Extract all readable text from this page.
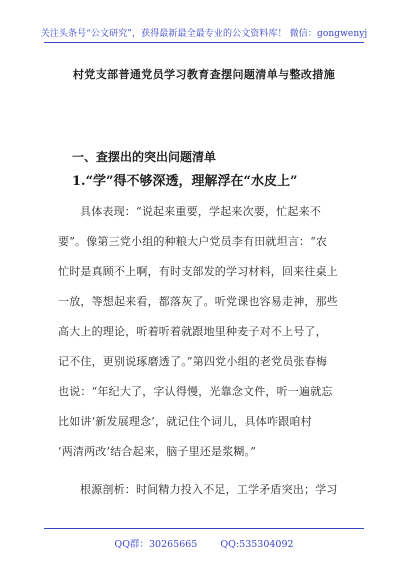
关注头条号“公文研究”，获得最新最全最专业的公文资料库！ 微信：gongwenyj
村党支部普通党员学习教育查摆问题清单与整改措施
一、查摆出的突出问题清单
1.“学”得不够深透，理解浮在“水皮上”
具体表现：“说起来重要，学起来次要，忙起来不
要”。像第三党小组的种粮大户党员李有田就坦言：“农
忙时是真顾不上啊，有时支部发的学习材料，回来往桌上
一放，等想起来看，都落灰了。听党课也容易走神，那些
高大上的理论，听着听着就跟地里种麦子对不上号了，
记不住，更别说琢磨透了。”第四党小组的老党员张春梅
也说：“年纪大了，字认得慢，光靠念文件，听一遍就忘
比如讲‘新发展理念’，就记住个词儿，具体咋跟咱村
‘两清两改’结合起来，脑子里还是浆糊。”
根源剖析：时间精力投入不足，工学矛盾突出；学习
QQ群：30265665 QQ:535304092
